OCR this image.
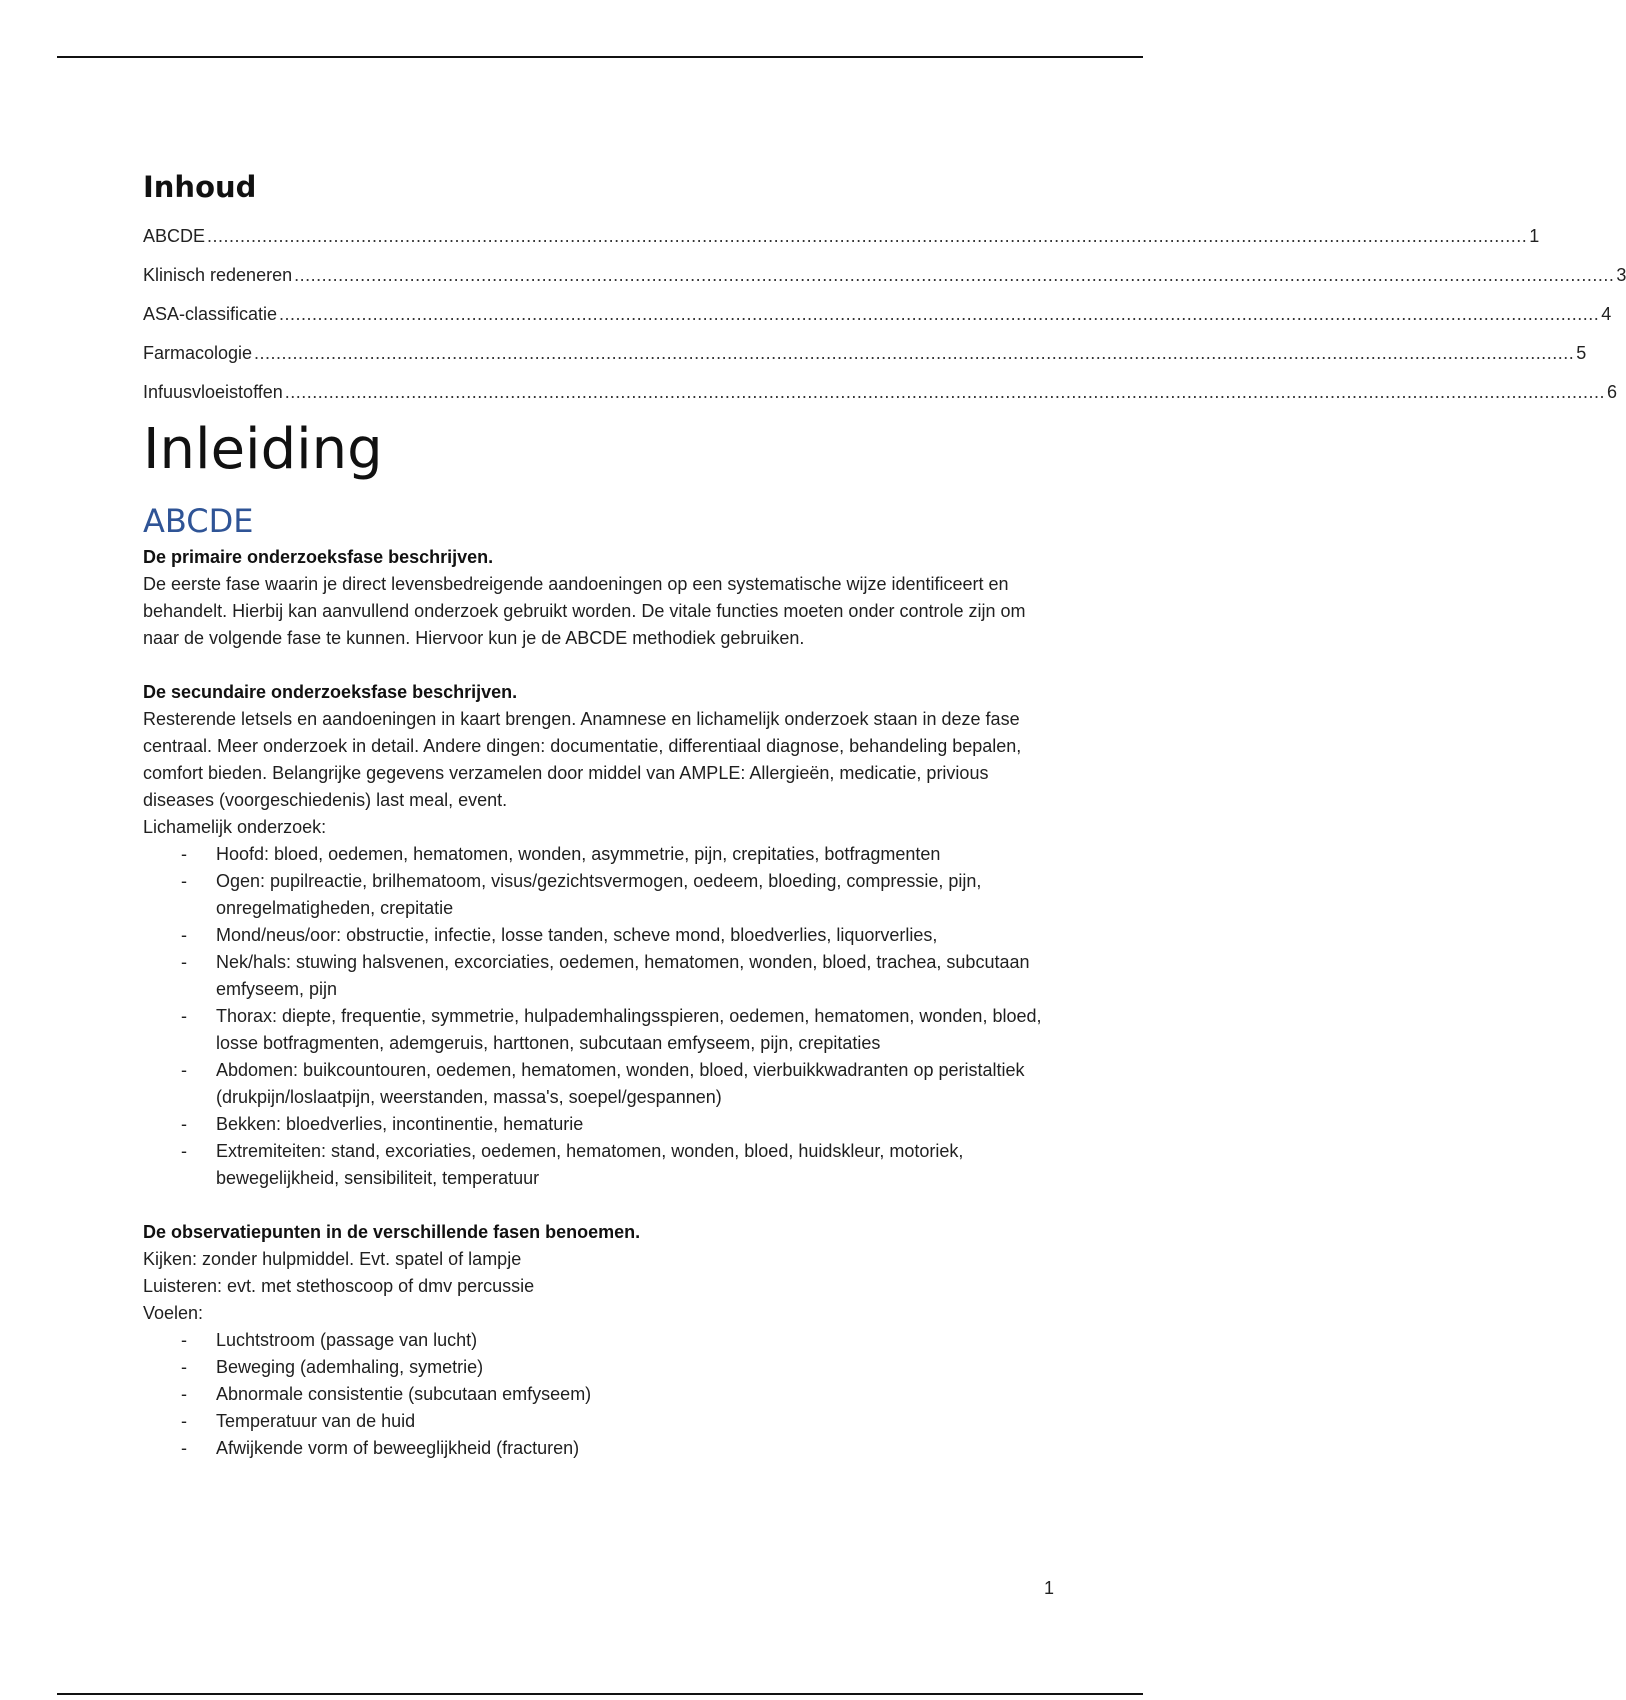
Inhoud
ABCDE ................................................................................................................................................................................................................................................ 1
Klinisch redeneren ................................................................................................................................................................................................................................................ 3
ASA-classificatie ................................................................................................................................................................................................................................................ 4
Farmacologie ................................................................................................................................................................................................................................................ 5
Infuusvloeistoffen ................................................................................................................................................................................................................................................ 6
Inleiding
ABCDE

De primaire onderzoeksfase beschrijven.

De eerste fase waarin je direct levensbedreigende aandoeningen op een systematische wijze identificeert en behandelt. Hierbij kan aanvullend onderzoek gebruikt worden. De vitale functies moeten onder controle zijn om naar de volgende fase te kunnen. Hiervoor kun je de ABCDE methodiek gebruiken.

De secundaire onderzoeksfase beschrijven.

Resterende letsels en aandoeningen in kaart brengen. Anamnese en lichamelijk onderzoek staan in deze fase centraal. Meer onderzoek in detail. Andere dingen: documentatie, differentiaal diagnose, behandeling bepalen, comfort bieden. Belangrijke gegevens verzamelen door middel van AMPLE: Allergieën, medicatie, privious diseases (voorgeschiedenis) last meal, event.

Lichamelijk onderzoek:

- Hoofd: bloed, oedemen, hematomen, wonden, asymmetrie, pijn, crepitaties, botfragmenten
- Ogen: pupilreactie, brilhematoom, visus/gezichtsvermogen, oedeem, bloeding, compressie, pijn, onregelmatigheden, crepitatie
- Mond/neus/oor: obstructie, infectie, losse tanden, scheve mond, bloedverlies, liquorverlies,
- Nek/hals: stuwing halsvenen, excorciaties, oedemen, hematomen, wonden, bloed, trachea, subcutaan emfyseem, pijn
- Thorax: diepte, frequentie, symmetrie, hulpademhalingsspieren, oedemen, hematomen, wonden, bloed, losse botfragmenten, ademgeruis, harttonen, subcutaan emfyseem, pijn, crepitaties
- Abdomen: buikcountouren, oedemen, hematomen, wonden, bloed, vierbuikkwadranten op peristaltiek (drukpijn/loslaatpijn, weerstanden, massa's, soepel/gespannen)
- Bekken: bloedverlies, incontinentie, hematurie
- Extremiteiten: stand, excoriaties, oedemen, hematomen, wonden, bloed, huidskleur, motoriek, bewegelijkheid, sensibiliteit, temperatuur

De observatiepunten in de verschillende fasen benoemen.

Kijken: zonder hulpmiddel. Evt. spatel of lampje

Luisteren: evt. met stethoscoop of dmv percussie

Voelen:

- Luchtstroom (passage van lucht)
- Beweging (ademhaling, symetrie)
- Abnormale consistentie (subcutaan emfyseem)
- Temperatuur van de huid
- Afwijkende vorm of beweeglijkheid (fracturen)
1
